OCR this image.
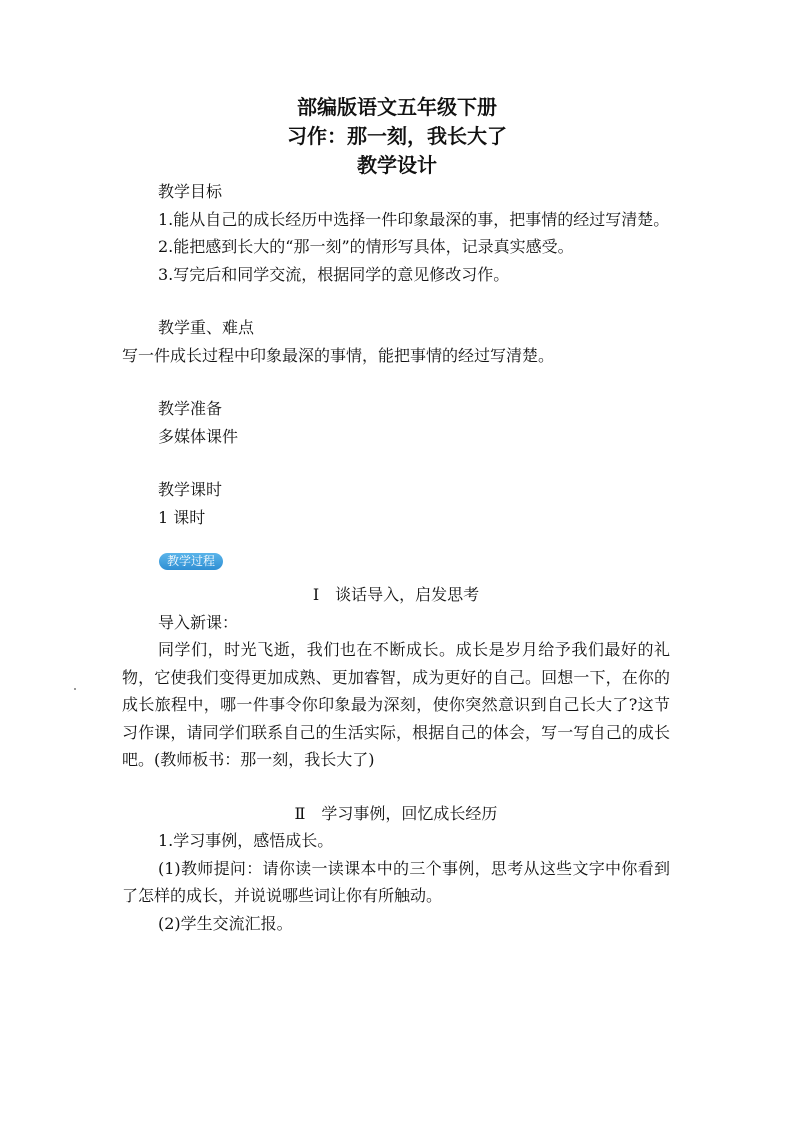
部编版语文五年级下册
习作：那一刻，我长大了
教学设计

教学目标

1.能从自己的成长经历中选择一件印象最深的事，把事情的经过写清楚。

2.能把感到长大的“那一刻”的情形写具体，记录真实感受。

3.写完后和同学交流，根据同学的意见修改习作。

教学重、难点

写一件成长过程中印象最深的事情，能把事情的经过写清楚。

教学准备

多媒体课件

教学课时

1 课时

教学过程

Ⅰ　谈话导入，启发思考

导入新课：

同学们，时光飞逝，我们也在不断成长。成长是岁月给予我们最好的礼物，它使我们变得更加成熟、更加睿智，成为更好的自己。回想一下，在你的成长旅程中，哪一件事令你印象最为深刻，使你突然意识到自己长大了?这节习作课，请同学们联系自己的生活实际，根据自己的体会，写一写自己的成长吧。(教师板书：那一刻，我长大了)

Ⅱ　学习事例，回忆成长经历

1.学习事例，感悟成长。

(1)教师提问：请你读一读课本中的三个事例，思考从这些文字中你看到了怎样的成长，并说说哪些词让你有所触动。

(2)学生交流汇报。
